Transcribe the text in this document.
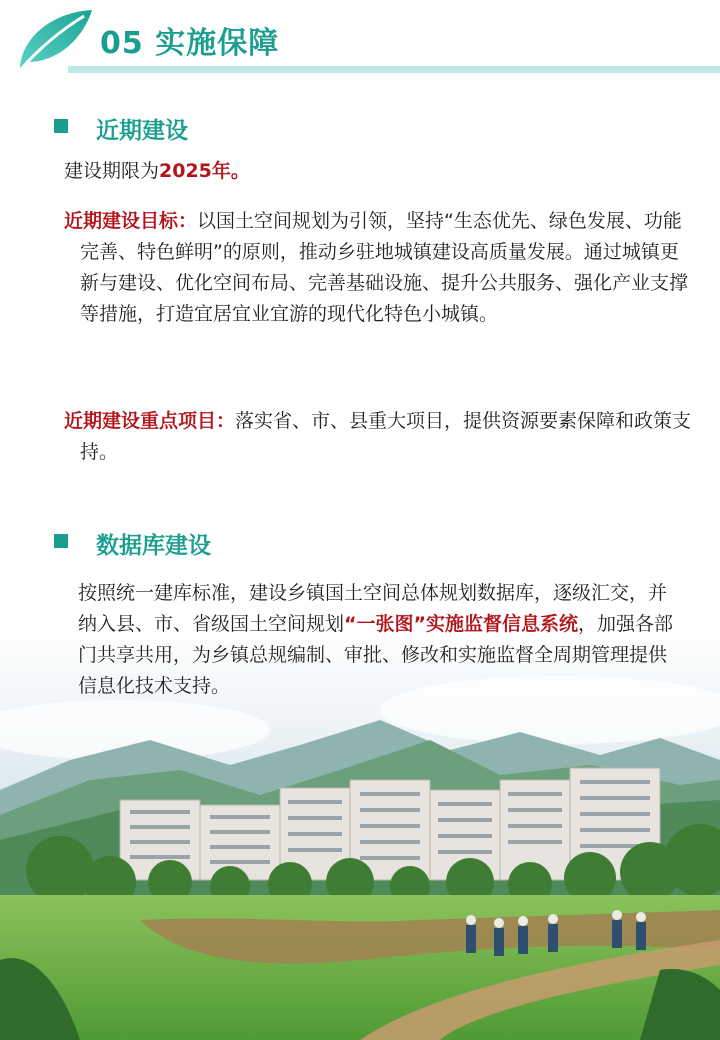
05 实施保障
近期建设
建设期限为2025年。
近期建设目标：以国土空间规划为引领，坚持“生态优先、绿色发展、功能完善、特色鲜明”的原则，推动乡驻地城镇建设高质量发展。通过城镇更新与建设、优化空间布局、完善基础设施、提升公共服务、强化产业支撑等措施，打造宜居宜业宜游的现代化特色小城镇。
近期建设重点项目：落实省、市、县重大项目，提供资源要素保障和政策支持。
数据库建设
按照统一建库标准，建设乡镇国土空间总体规划数据库，逐级汇交，并纳入县、市、省级国土空间规划“一张图”实施监督信息系统，加强各部门共享共用，为乡镇总规编制、审批、修改和实施监督全周期管理提供信息化技术支持。
